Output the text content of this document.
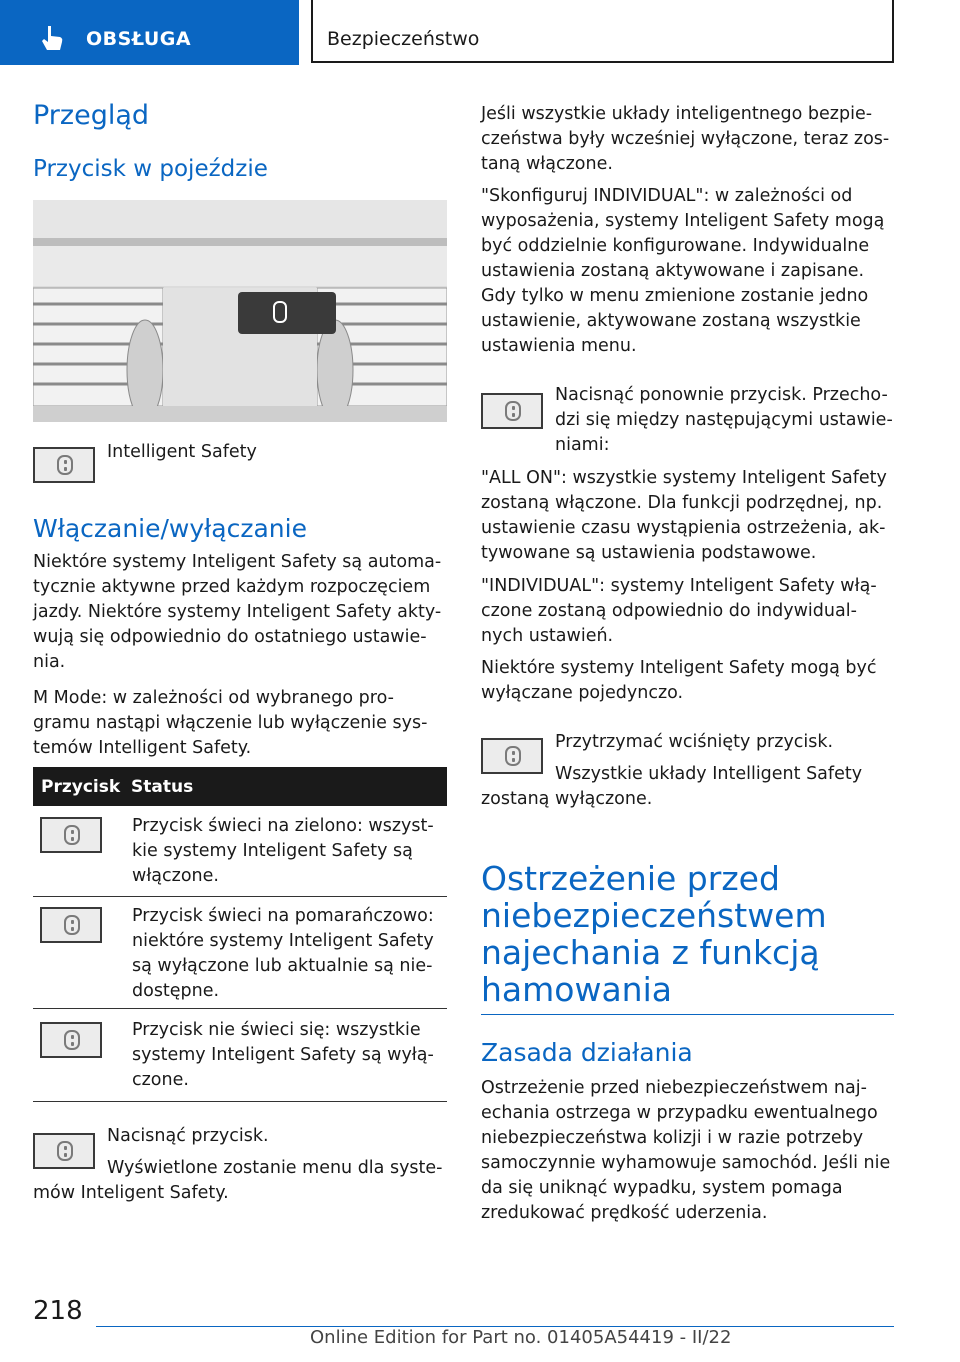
OBSŁUGA	Bezpieczeństwo
Przegląd
Przycisk w pojeździe
Intelligent Safety
Włączanie/wyłączanie

Niektóre systemy Inteligent Safety są automa-tycznie aktywne przed każdym rozpoczęciem jazdy. Niektóre systemy Inteligent Safety akty-wują się odpowiednio do ostatniego ustawie-nia.

M Mode: w zależności od wybranego pro-gramu nastąpi włączenie lub wyłączenie sys-temów Intelligent Safety.

Przycisk Status

Przycisk świeci na zielono: wszyst-kie systemy Inteligent Safety są włączone.

Przycisk świeci na pomarańczowo: niektóre systemy Inteligent Safety są wyłączone lub aktualnie są nie-dostępne.

Przycisk nie świeci się: wszystkie systemy Inteligent Safety są wyłą-czone.

Nacisnąć przycisk.

Wyświetlone zostanie menu dla syste-mów Inteligent Safety.

Jeśli wszystkie układy inteligentnego bezpie-czeństwa były wcześniej wyłączone, teraz zos-taną włączone.

"Skonfiguruj INDIVIDUAL": w zależności od wyposażenia, systemy Inteligent Safety mogą być oddzielnie konfigurowane. Indywidualne ustawienia zostaną aktywowane i zapisane. Gdy tylko w menu zmienione zostanie jedno ustawienie, aktywowane zostaną wszystkie ustawienia menu.

Nacisnąć ponownie przycisk. Przecho-dzi się między następującymi ustawie-niami:

"ALL ON": wszystkie systemy Inteligent Safety zostaną włączone. Dla funkcji podrzędnej, np. ustawienie czasu wystąpienia ostrzeżenia, ak-tywowane są ustawienia podstawowe.

"INDIVIDUAL": systemy Inteligent Safety włą-czone zostaną odpowiednio do indywidual-nych ustawień.

Niektóre systemy Inteligent Safety mogą być wyłączane pojedynczo.

Przytrzymać wciśnięty przycisk.

Wszystkie układy Intelligent Safety zostaną wyłączone.

Ostrzeżenie przed
niebezpieczeństwem
najechania z funkcją
hamowania
Zasada działania

Ostrzeżenie przed niebezpieczeństwem naj-echania ostrzega w przypadku ewentualnego niebezpieczeństwa kolizji i w razie potrzeby samoczynnie wyhamowuje samochód. Jeśli nie da się uniknąć wypadku, system pomaga zredukować prędkość uderzenia.

218
Online Edition for Part no. 01405A54419 - II/22
